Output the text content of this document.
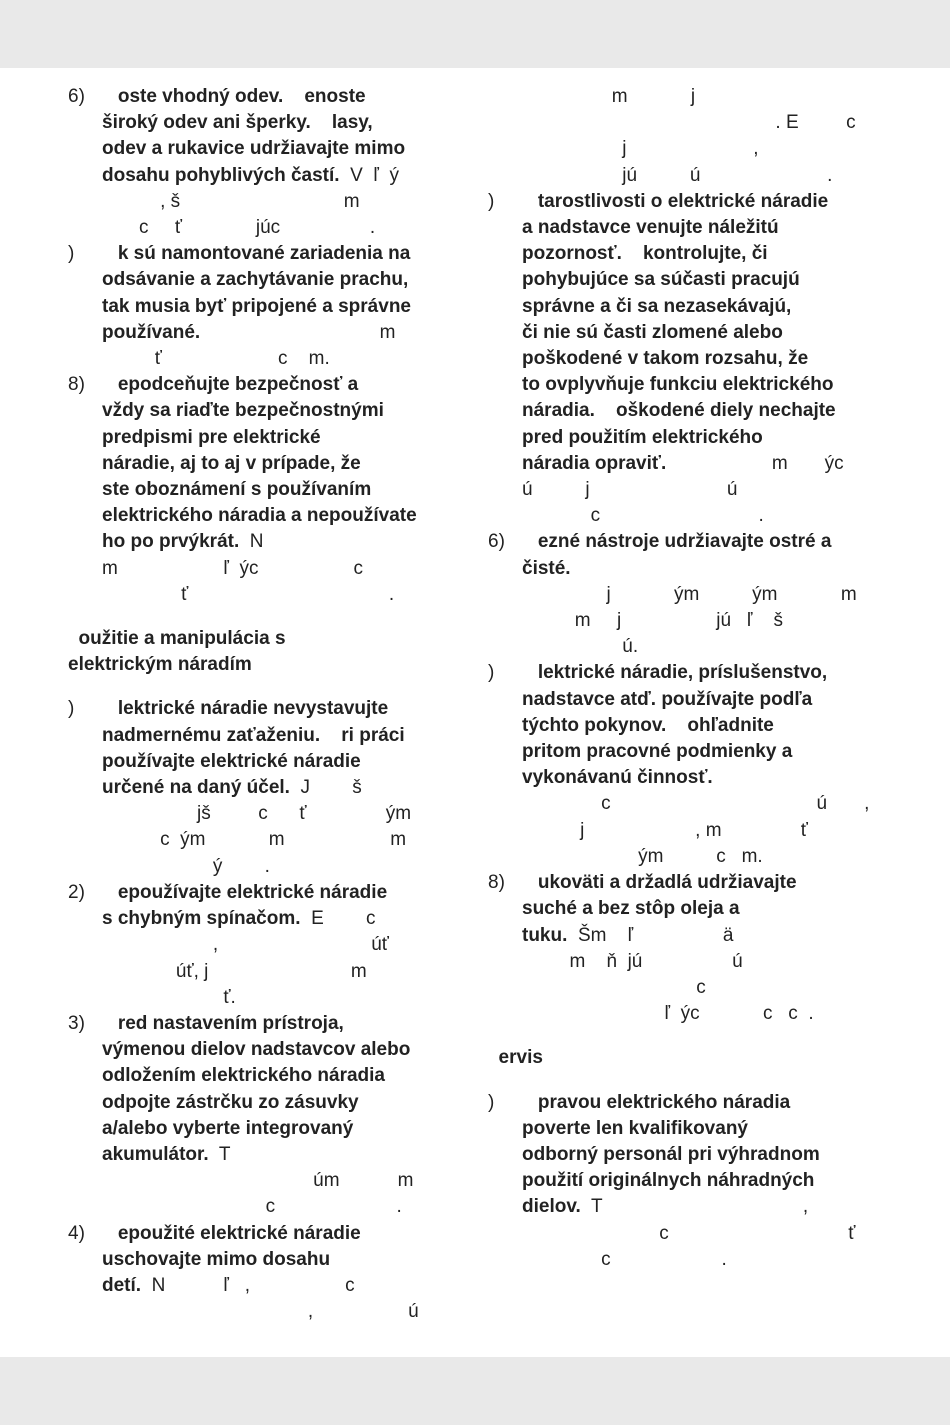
6) oste vhodný odev.    enoste
široký odev ani šperky.    lasy,
odev a rukavice udržiavajte mimo
dosahu pohyblivých častí.  V  ľ  ý
, š                               m
c     ť              júc                 .
) k sú namontované zariadenia na
odsávanie a zachytávanie prachu,
tak musia byť pripojené a správne
používané.                                  m
ť                      c    m.
8) epodceňujte bezpečnosť a
vždy sa riaďte bezpečnostnými
predpismi pre elektrické
náradie, aj to aj v prípade, že
ste oboznámení s používaním
elektrického náradia a nepoužívate
ho po prvýkrát.  N
m                    ľ  ýc                  c
ť                                      .
oužitie a manipulácia s
elektrickým náradím
) lektrické náradie nevystavujte
nadmernému zaťaženiu.    ri práci
používajte elektrické náradie
určené na daný účel.  J        š
jš         c      ť               ým
c  ým            m                    m
ý        .
2) epoužívajte elektrické náradie
s chybným spínačom.  E        c
,                             úť
úť, j                           m
ť.
3) red nastavením prístroja,
výmenou dielov nadstavcov alebo
odložením elektrického náradia
odpojte zástrčku zo zásuvky
a/alebo vyberte integrovaný
akumulátor.  T
úm           m
c                       .
4) epoužité elektrické náradie
uschovajte mimo dosahu
detí.  N           ľ   ,                  c
,                  ú
m            j
. E         c
j                        ,
jú          ú                        .
) tarostlivosti o elektrické náradie
a nadstavce venujte náležitú
pozornosť.    kontrolujte, či
pohybujúce sa súčasti pracujú
správne a či sa nezasekávajú,
či nie sú časti zlomené alebo
poškodené v takom rozsahu, že
to ovplyvňuje funkciu elektrického
náradia.    oškodené diely nechajte
pred použitím elektrického
náradia opraviť.                    m       ýc
ú          j                          ú
c                              .
6) ezné nástroje udržiavajte ostré a
čisté.
j            ým          ým            m
m     j                  jú   ľ    š
ú.
) lektrické náradie, príslušenstvo,
nadstavce atď. používajte podľa
týchto pokynov.    ohľadnite
pritom pracovné podmienky a
vykonávanú činnosť.
c                                       ú       ,
j                     , m               ť
ým          c   m.
8) ukoväti a držadlá udržiavajte
suché a bez stôp oleja a
tuku.  Šm    ľ                 ä
m    ň  jú                 ú
c
ľ  ýc            c   c  .
ervis
) pravou elektrického náradia
poverte len kvalifikovaný
odborný personál pri výhradnom
použití originálnych náhradných
dielov.  T                                      ,
c                                  ť
c                     .
